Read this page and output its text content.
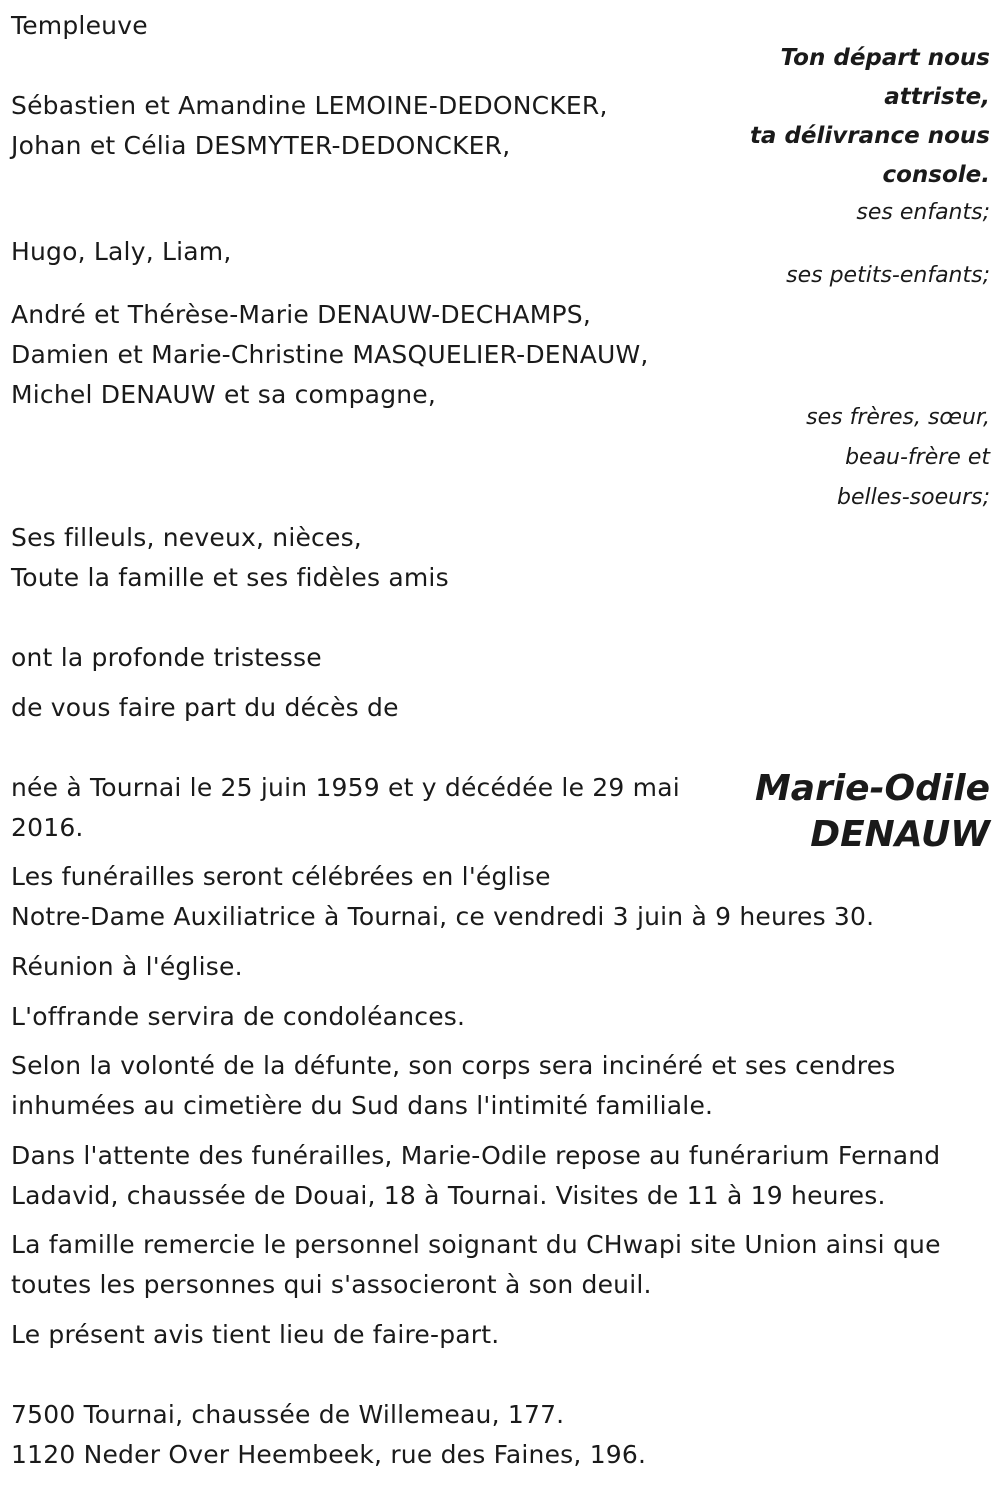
Templeuve
Ton départ nous
attriste,
ta délivrance nous
console.
Sébastien et Amandine LEMOINE-DEDONCKER,
Johan et Célia DESMYTER-DEDONCKER,
ses enfants;
Hugo, Laly, Liam,
ses petits-enfants;
André et Thérèse-Marie DENAUW-DECHAMPS,
Damien et Marie-Christine MASQUELIER-DENAUW,
Michel DENAUW et sa compagne,
ses frères, sœur,
beau-frère et
belles-soeurs;
Ses filleuls, neveux, nièces,
Toute la famille et ses fidèles amis
ont la profonde tristesse
de vous faire part du décès de
Marie-Odile
DENAUW
née à Tournai le 25 juin 1959 et y décédée le 29 mai
2016.
Les funérailles seront célébrées en l'église
Notre-Dame Auxiliatrice à Tournai, ce vendredi 3 juin à 9 heures 30.
Réunion à l'église.
L'offrande servira de condoléances.
Selon la volonté de la défunte, son corps sera inciné​ré et ses cendres
inhumées au cimetière du Sud dans l'intimité familiale.
Dans l'attente des funérailles, Marie-Odile repose au funérarium Fernand
Ladavid, chaussée de Douai, 18 à Tournai. Visites de 11 à 19 heures.
La famille remercie le personnel soignant du CHwapi site Union ainsi que
toutes les personnes qui s'associeront à son deuil.
Le présent avis tient lieu de faire-part.
7500 Tournai, chaussée de Willemeau, 177.
1120 Neder Over Heembeek, rue des Faines, 196.
